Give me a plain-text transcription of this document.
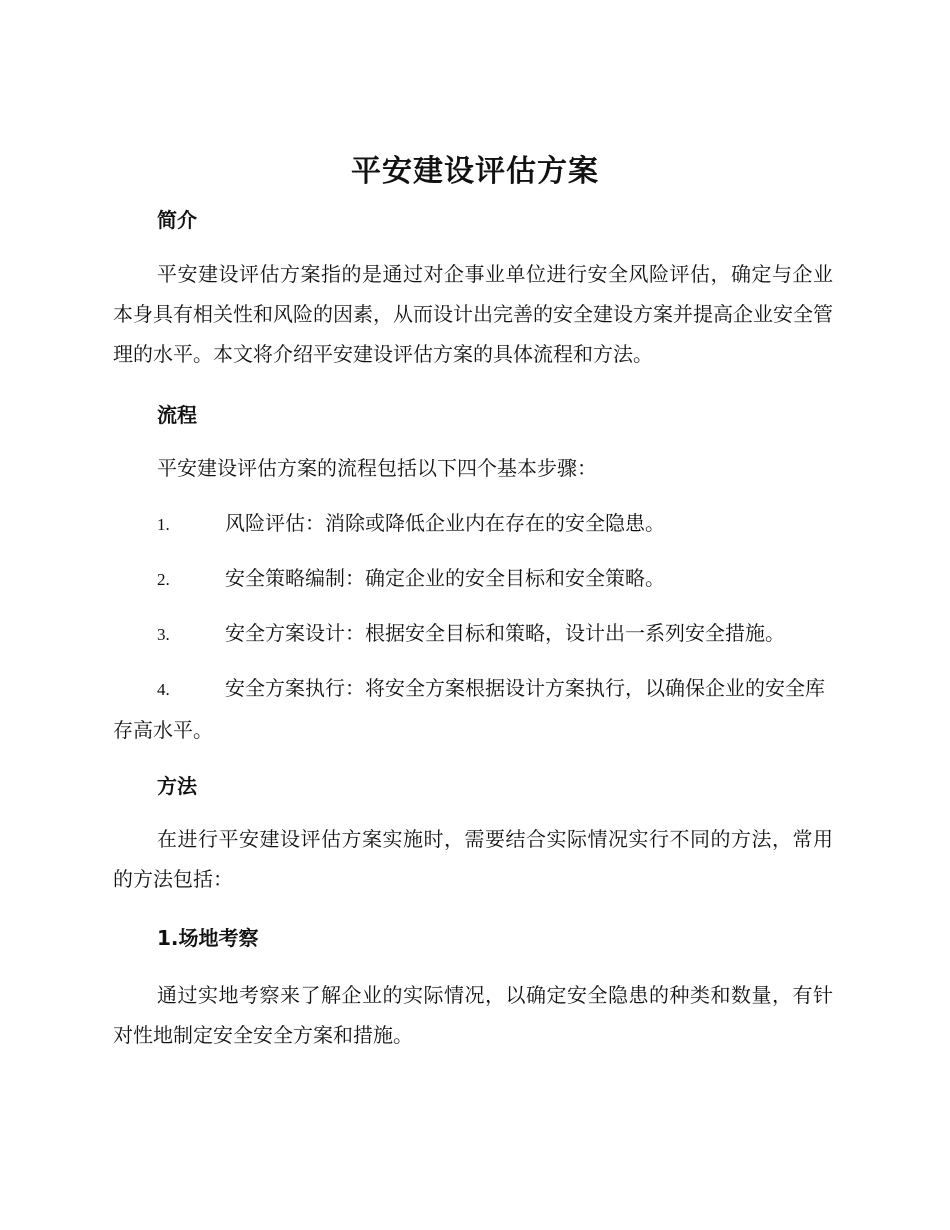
平安建设评估方案
简介

平安建设评估方案指的是通过对企事业单位进行安全风险评估，确定与企业本身具有相关性和风险的因素，从而设计出完善的安全建设方案并提高企业安全管理的水平。本文将介绍平安建设评估方案的具体流程和方法。

流程

平安建设评估方案的流程包括以下四个基本步骤：

1.	风险评估：消除或降低企业内在存在的安全隐患。

2.	安全策略编制：确定企业的安全目标和安全策略。

3.	安全方案设计：根据安全目标和策略，设计出一系列安全措施。

4.	安全方案执行：将安全方案根据设计方案执行，以确保企业的安全库存高水平。

方法

在进行平安建设评估方案实施时，需要结合实际情况实行不同的方法，常用的方法包括：

1.场地考察

通过实地考察来了解企业的实际情况，以确定安全隐患的种类和数量，有针对性地制定安全安全方案和措施。
